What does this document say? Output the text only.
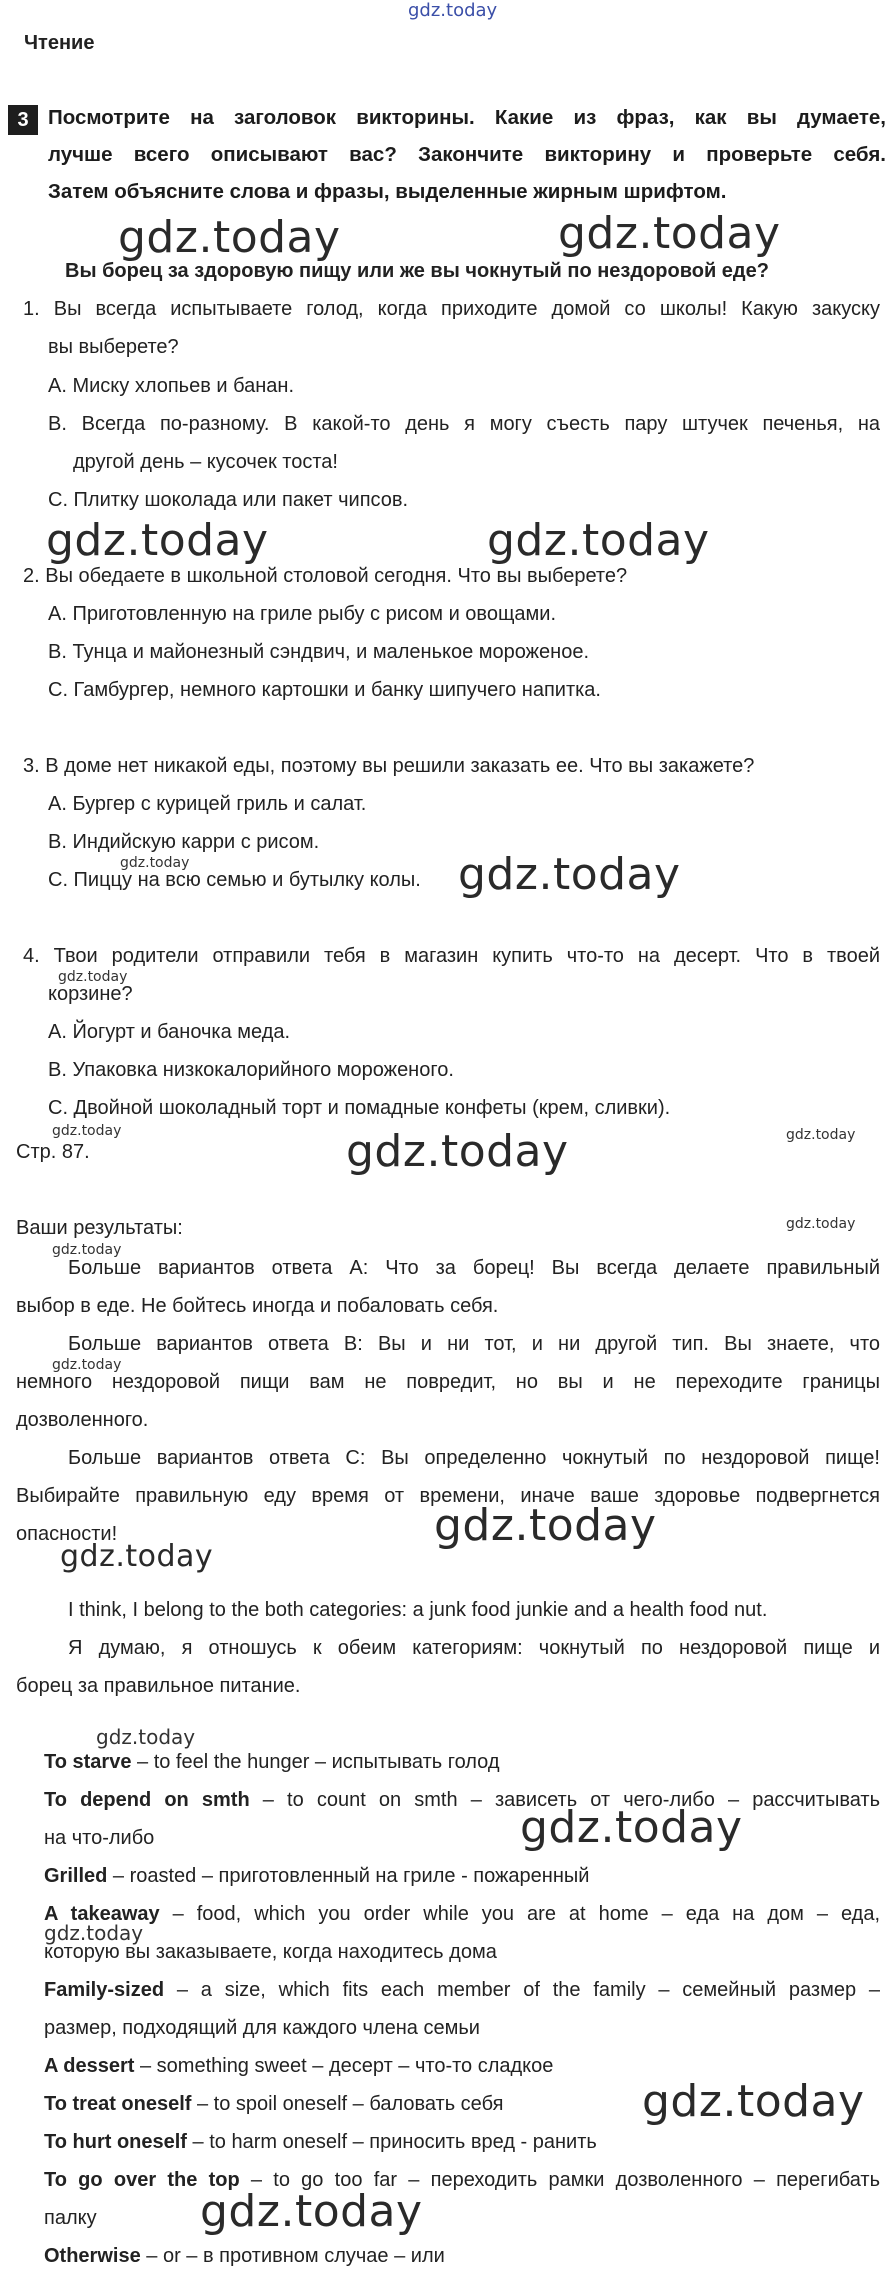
gdz.today
Чтение
3 Посмотрите на заголовок викторины. Какие из фраз, как вы думаете,
лучше всего описывают вас? Закончите викторину и проверьте себя.
Затем объясните слова и фразы, выделенные жирным шрифтом.
gdz.today	gdz.today
Вы борец за здоровую пищу или же вы чокнутый по нездоровой еде?
1. Вы всегда испытываете голод, когда приходите домой со школы! Какую закуску
вы выберете?
A. Миску хлопьев и банан.
B. Всегда по-разному. В какой-то день я могу съесть пару штучек печенья, на
другой день – кусочек тоста!
C. Плитку шоколада или пакет чипсов.
gdz.today	gdz.today
2. Вы обедаете в школьной столовой сегодня. Что вы выберете?
A. Приготовленную на гриле рыбу с рисом и овощами.
B. Тунца и майонезный сэндвич, и маленькое мороженое.
C. Гамбургер, немного картошки и банку шипучего напитка.
3. В доме нет никакой еды, поэтому вы решили заказать ее. Что вы закажете?
A. Бургер с курицей гриль и салат.
B. Индийскую карри с рисом.
gdz.today
C. Пиццу на всю семью и бутылку колы. gdz.today
4. Твои родители отправили тебя в магазин купить что-то на десерт. Что в твоей
gdz.today
корзине?
A. Йогурт и баночка меда.
B. Упаковка низкокалорийного мороженого.
C. Двойной шоколадный торт и помадные конфеты (крем, сливки).
gdz.today
Стр. 87.	gdz.today	gdz.today
Ваши результаты:	gdz.today
gdz.today
Больше вариантов ответа A: Что за борец! Вы всегда делаете правильный
выбор в еде. Не бойтесь иногда и побаловать себя.
Больше вариантов ответа B: Вы и ни тот, и ни другой тип. Вы знаете, что
gdz.today
немного нездоровой пищи вам не повредит, но вы и не переходите границы
дозволенного.
Больше вариантов ответа C: Вы определенно чокнутый по нездоровой пище!
Выбирайте правильную еду время от времени, иначе ваше здоровье подвергнется
опасности!	gdz.today
gdz.today
I think, I belong to the both categories: a junk food junkie and a health food nut.
Я думаю, я отношусь к обеим категориям: чокнутый по нездоровой пище и
борец за правильное питание.
gdz.today
To starve – to feel the hunger – испытывать голод
To depend on smth – to count on smth – зависеть от чего-либо – рассчитывать
на что-либо	gdz.today
Grilled – roasted – приготовленный на гриле - пожаренный
A takeaway – food, which you order while you are at home – еда на дом – еда,
gdz.today
которую вы заказываете, когда находитесь дома
Family-sized – a size, which fits each member of the family – семейный размер –
размер, подходящий для каждого члена семьи
A dessert – something sweet – десерт – что-то сладкое
To treat oneself – to spoil oneself – баловать себя	gdz.today
To hurt oneself – to harm oneself – приносить вред - ранить
To go over the top – to go too far – переходить рамки дозволенного – перегибать
палку gdz.today
Otherwise – or – в противном случае – или
